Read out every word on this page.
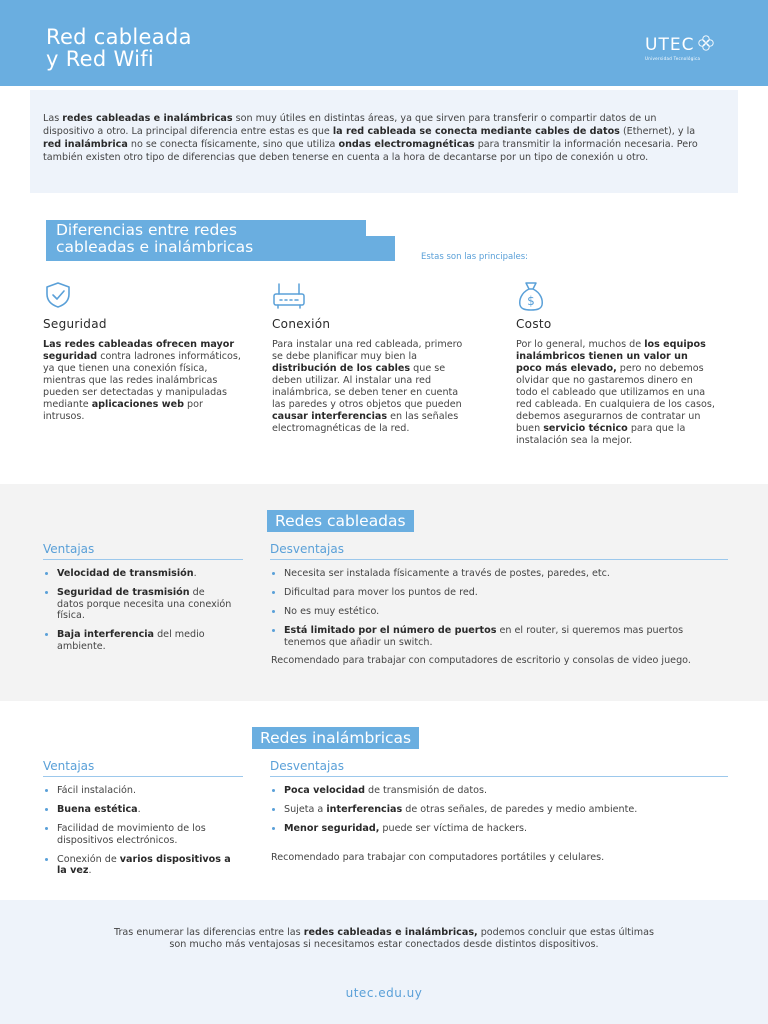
Red cableada
y Red Wifi
UTEC
Universidad Tecnológica

Las redes cableadas e inalámbricas son muy útiles en distintas áreas, ya que sirven para transferir o compartir datos de un dispositivo a otro. La principal diferencia entre estas es que la red cableada se conecta mediante cables de datos (Ethernet), y la red inalámbrica no se conecta físicamente, sino que utiliza ondas electromagnéticas para transmitir la información necesaria. Pero también existen otro tipo de diferencias que deben tenerse en cuenta a la hora de decantarse por un tipo de conexión u otro.

Diferencias entre redes
cableadas e inalámbricas
Estas son las principales:
Seguridad
Las redes cableadas ofrecen mayor seguridad contra ladrones informáticos, ya que tienen una conexión física, mientras que las redes inalámbricas pueden ser detectadas y manipuladas mediante aplicaciones web por intrusos.
Conexión
Para instalar una red cableada, primero se debe planificar muy bien la distribución de los cables que se deben utilizar. Al instalar una red inalámbrica, se deben tener en cuenta las paredes y otros objetos que pueden causar interferencias en las señales electromagnéticas de la red.
$
Costo
Por lo general, muchos de los equipos inalámbricos tienen un valor un poco más elevado, pero no debemos olvidar que no gastaremos dinero en todo el cableado que utilizamos en una red cableada. En cualquiera de los casos, debemos asegurarnos de contratar un buen servicio técnico para que la instalación sea la mejor.
Redes cableadas
Ventajas	Desventajas
Velocidad de transmisión.
Seguridad de trasmisión de datos porque necesita una conexión física.
Baja interferencia del medio ambiente.
Necesita ser instalada físicamente a través de postes, paredes, etc.
Dificultad para mover los puntos de red.
No es muy estético.
Está limitado por el número de puertos en el router, si queremos mas puertos tenemos que añadir un switch.
Recomendado para trabajar con computadores de escritorio y consolas de video juego.
Redes inalámbricas
Ventajas	Desventajas
Fácil instalación.
Buena estética.
Facilidad de movimiento de los dispositivos electrónicos.
Conexión de varios dispositivos a la vez.
Poca velocidad de transmisión de datos.
Sujeta a interferencias de otras señales, de paredes y medio ambiente.
Menor seguridad, puede ser víctima de hackers.
Recomendado para trabajar con computadores portátiles y celulares.

Tras enumerar las diferencias entre las redes cableadas e inalámbricas, podemos concluir que estas últimas son mucho más ventajosas si necesitamos estar conectados desde distintos dispositivos.

utec.edu.uy
